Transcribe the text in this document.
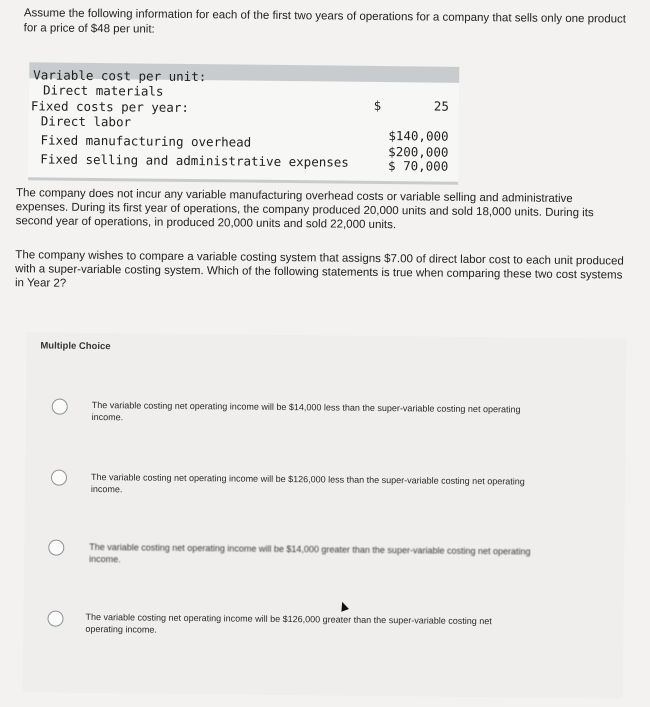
Assume the following information for each of the first two years of operations for a company that sells only one product for a price of $48 per unit:
Variable cost per unit:
Direct materials
$       25
Fixed costs per year:
Direct labor
Fixed manufacturing overhead	$140,000
Fixed selling and administrative expenses	$200,000
$ 70,000
The company does not incur any variable manufacturing overhead costs or variable selling and administrative expenses. During its first year of operations, the company produced 20,000 units and sold 18,000 units. During its second year of operations, in produced 20,000 units and sold 22,000 units.
The company wishes to compare a variable costing system that assigns $7.00 of direct labor cost to each unit produced with a super-variable costing system. Which of the following statements is true when comparing these two cost systems in Year 2?
Multiple Choice
The variable costing net operating income will be $14,000 less than the super-variable costing net operating income.
The variable costing net operating income will be $126,000 less than the super-variable costing net operating income.
The variable costing net operating income will be $14,000 greater than the super-variable costing net operating income.
The variable costing net operating income will be $126,000 greater than the super-variable costing net operating income.
